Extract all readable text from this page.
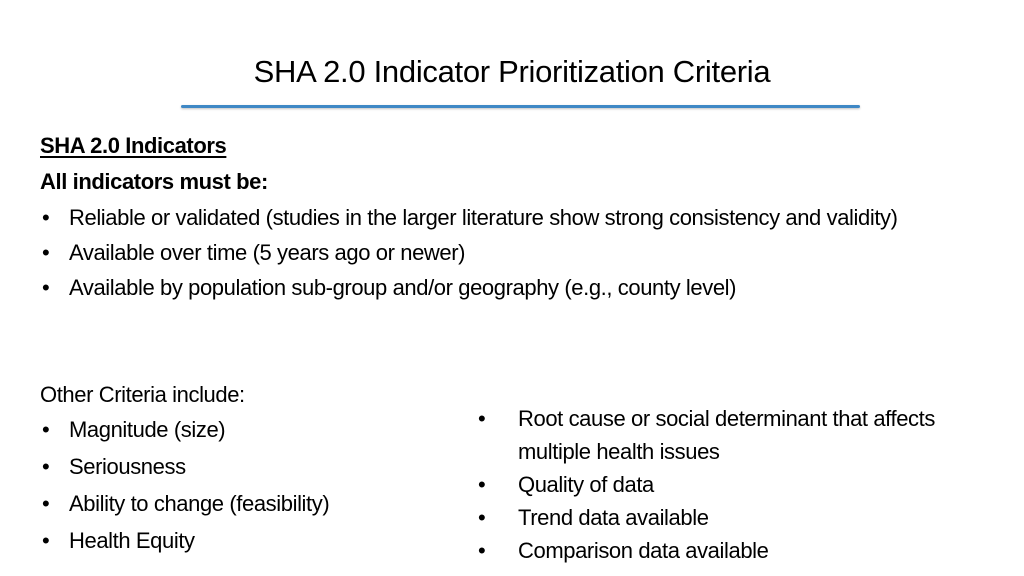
SHA 2.0 Indicator Prioritization Criteria
SHA 2.0 Indicators
All indicators must be:
• Reliable or validated (studies in the larger literature show strong consistency and validity)
• Available over time (5 years ago or newer)
• Available by population sub-group and/or geography (e.g., county level)
Other Criteria include:
• Magnitude (size)
• Seriousness
• Ability to change (feasibility)
• Health Equity
• Root cause or social determinant that affects multiple health issues
• Quality of data
• Trend data available
• Comparison data available
